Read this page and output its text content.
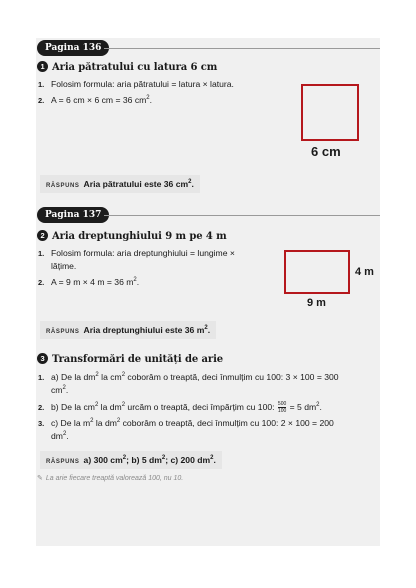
Pagina 136
1 Aria pătratului cu latura 6 cm
1. Folosim formula: aria pătratului = latura × latura.
2. A = 6 cm × 6 cm = 36 $cm^2$.
6 cm
RĂSPUNS Aria pătratului este 36 $cm^2$.
Pagina 137
2 Aria dreptunghiului 9 m pe 4 m
1. Folosim formula: aria dreptunghiului = lungime ×
lățime.
2. A = 9 m × 4 m = 36 $m^2$.
4 m
9 m
RĂSPUNS Aria dreptunghiului este 36 $m^2$.
3 Transformări de unități de arie
1. a) De la $dm^2$ la $cm^2$ coborâm o treaptă, deci înmulțim cu 100: 3 × 100 = 300
$cm^2$.
2. b) De la $cm^2$ la $dm^2$ urcăm o treaptă, deci împărțim cu 100: $\frac{500}{100} = 5$ $dm^2$.
3. c) De la $m^2$ la $dm^2$ coborâm o treaptă, deci înmulțim cu 100: 2 × 100 = 200
$dm^2$.
RĂSPUNS a) 300 $cm^2$; b) 5 $dm^2$; c) 200 $dm^2$.
✎ La arie fiecare treaptă valorează 100, nu 10.
